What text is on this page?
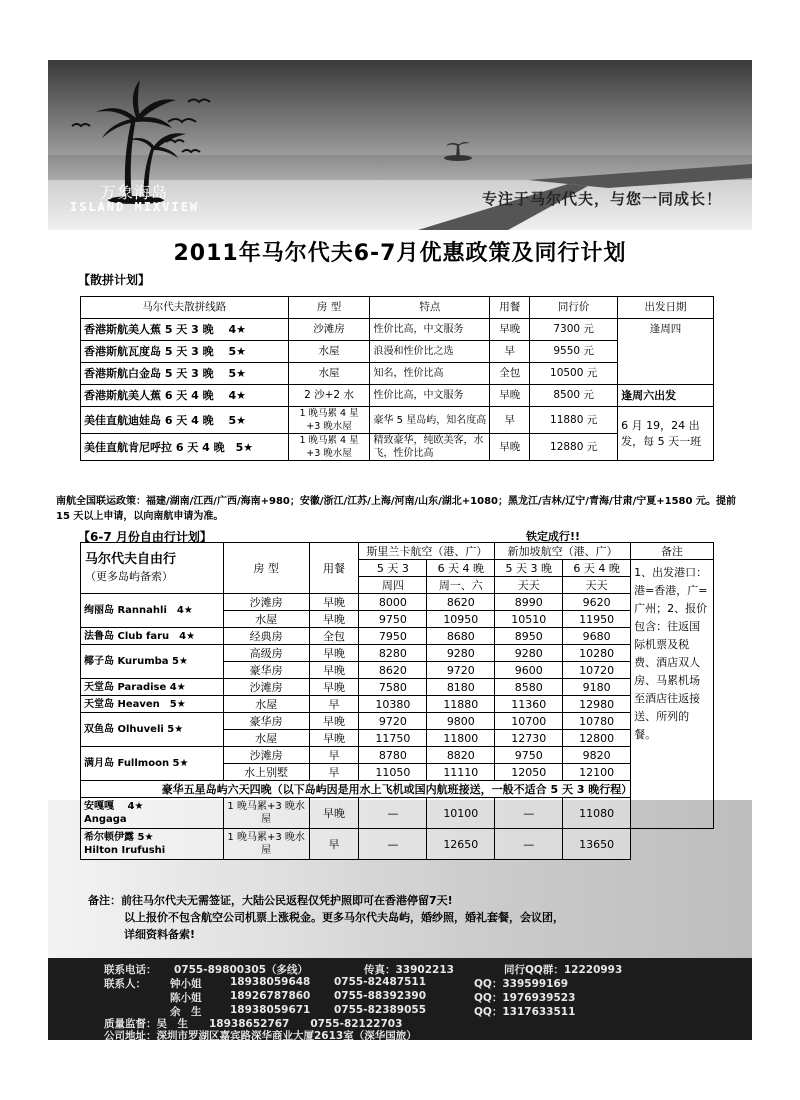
万象海岛
ISLAND MIXVIEW	专注于马尔代夫，与您一同成长！
2011年马尔代夫6-7月优惠政策及同行计划
【散拼计划】
马尔代夫散拼线路	房 型	特点	用餐	同行价	出发日期
香港斯航美人蕉 5 天 3 晚　 4★	沙滩房	性价比高，中文服务	早晚	7300 元	逢周四
香港斯航瓦度岛 5 天 3 晚　 5★	水屋	浪漫和性价比之选	早	9550 元	
香港斯航白金岛 5 天 3 晚　 5★	水屋	知名，性价比高	全包	10500 元	
香港斯航美人蕉 6 天 4 晚　 4★	2 沙+2 水	性价比高，中文服务	早晚	8500 元	逢周六出发
美佳直航迪娃岛 6 天 4 晚　 5★	1 晚马累 4 星 +3 晚水屋	豪华 5 星岛屿，知名度高	早	11880 元	6 月 19，24 出发，每 5 天一班
美佳直航肯尼呼拉 6 天 4 晚　5★	1 晚马累 4 星 +3 晚水屋	精致豪华，纯欧美客，水飞，性价比高	早晚	12880 元	
南航全国联运政策：福建/湖南/江西/广西/海南+980；安徽/浙江/江苏/上海/河南/山东/湖北+1080；黑龙江/吉林/辽宁/青海/甘肃/宁夏+1580 元。提前 15 天以上申请，以向南航申请为准。
【6-7 月份自由行计划】	铁定成行!!
马尔代夫自由行
（更多岛屿备索）	房 型	用餐	斯里兰卡航空（港、广）		新加坡航空（港、广）		备注
			5 天 3	6 天 4 晚	5 天 3 晚	6 天 4 晚	1、出发港口：港=香港，广=广州；2、报价包含：往返国际机票及税费、酒店双人房、马累机场至酒店往返接送、所列的餐。
			周四	周一、六	天天	天天	
绚丽岛 Rannahli　4★	沙滩房	早晚	8000	8620	8990	9620	
	水屋	早晚	9750	10950	10510	11950	
法鲁岛 Club faru　4★	经典房	全包	7950	8680	8950	9680	
椰子岛 Kurumba 5★	高级房	早晚	8280	9280	9280	10280	
	豪华房	早晚	8620	9720	9600	10720	
天堂岛 Paradise 4★	沙滩房	早晚	7580	8180	8580	9180	
天堂岛 Heaven　5★	水屋	早	10380	11880	11360	12980	
双鱼岛 Olhuveli 5★	豪华房	早晚	9720	9800	10700	10780	
	水屋	早晚	11750	11800	12730	12800	
满月岛 Fullmoon 5★	沙滩房	早	8780	8820	9750	9820	
	水上别墅	早	11050	11110	12050	12100	
豪华五星岛屿六天四晚（以下岛屿因是用水上飞机或国内航班接送，一般不适合 5 天 3 晚行程）							

安嘎嘎　 4★
Angaga	1 晚马累+3 晚水屋	早晚	—	10100	—	11080	

希尔顿伊露 5★
Hilton Irufushi	1 晚马累+3 晚水屋	早	—	12650	—	13650	
备注：前往马尔代夫无需签证，大陆公民返程仅凭护照即可在香港停留7天!
以上报价不包含航空公司机票上涨税金。更多马尔代夫岛屿，婚纱照，婚礼套餐，会议团，
详细资料备索!
联系电话： 0755-89800305（多线）	传真：33902213	同行QQ群：12220993
联系人： 钟小姐	18938059648 0755-82487511	QQ：339599169
陈小姐	18926787860 0755-88392390	QQ：1976939523
余　生	18938059671 0755-82389055	QQ：1317633511
质量监督：吴　生　　18938652767　　0755-82122703
公司地址：深圳市罗湖区嘉宾路深华商业大厦2613室（深华国旅）
